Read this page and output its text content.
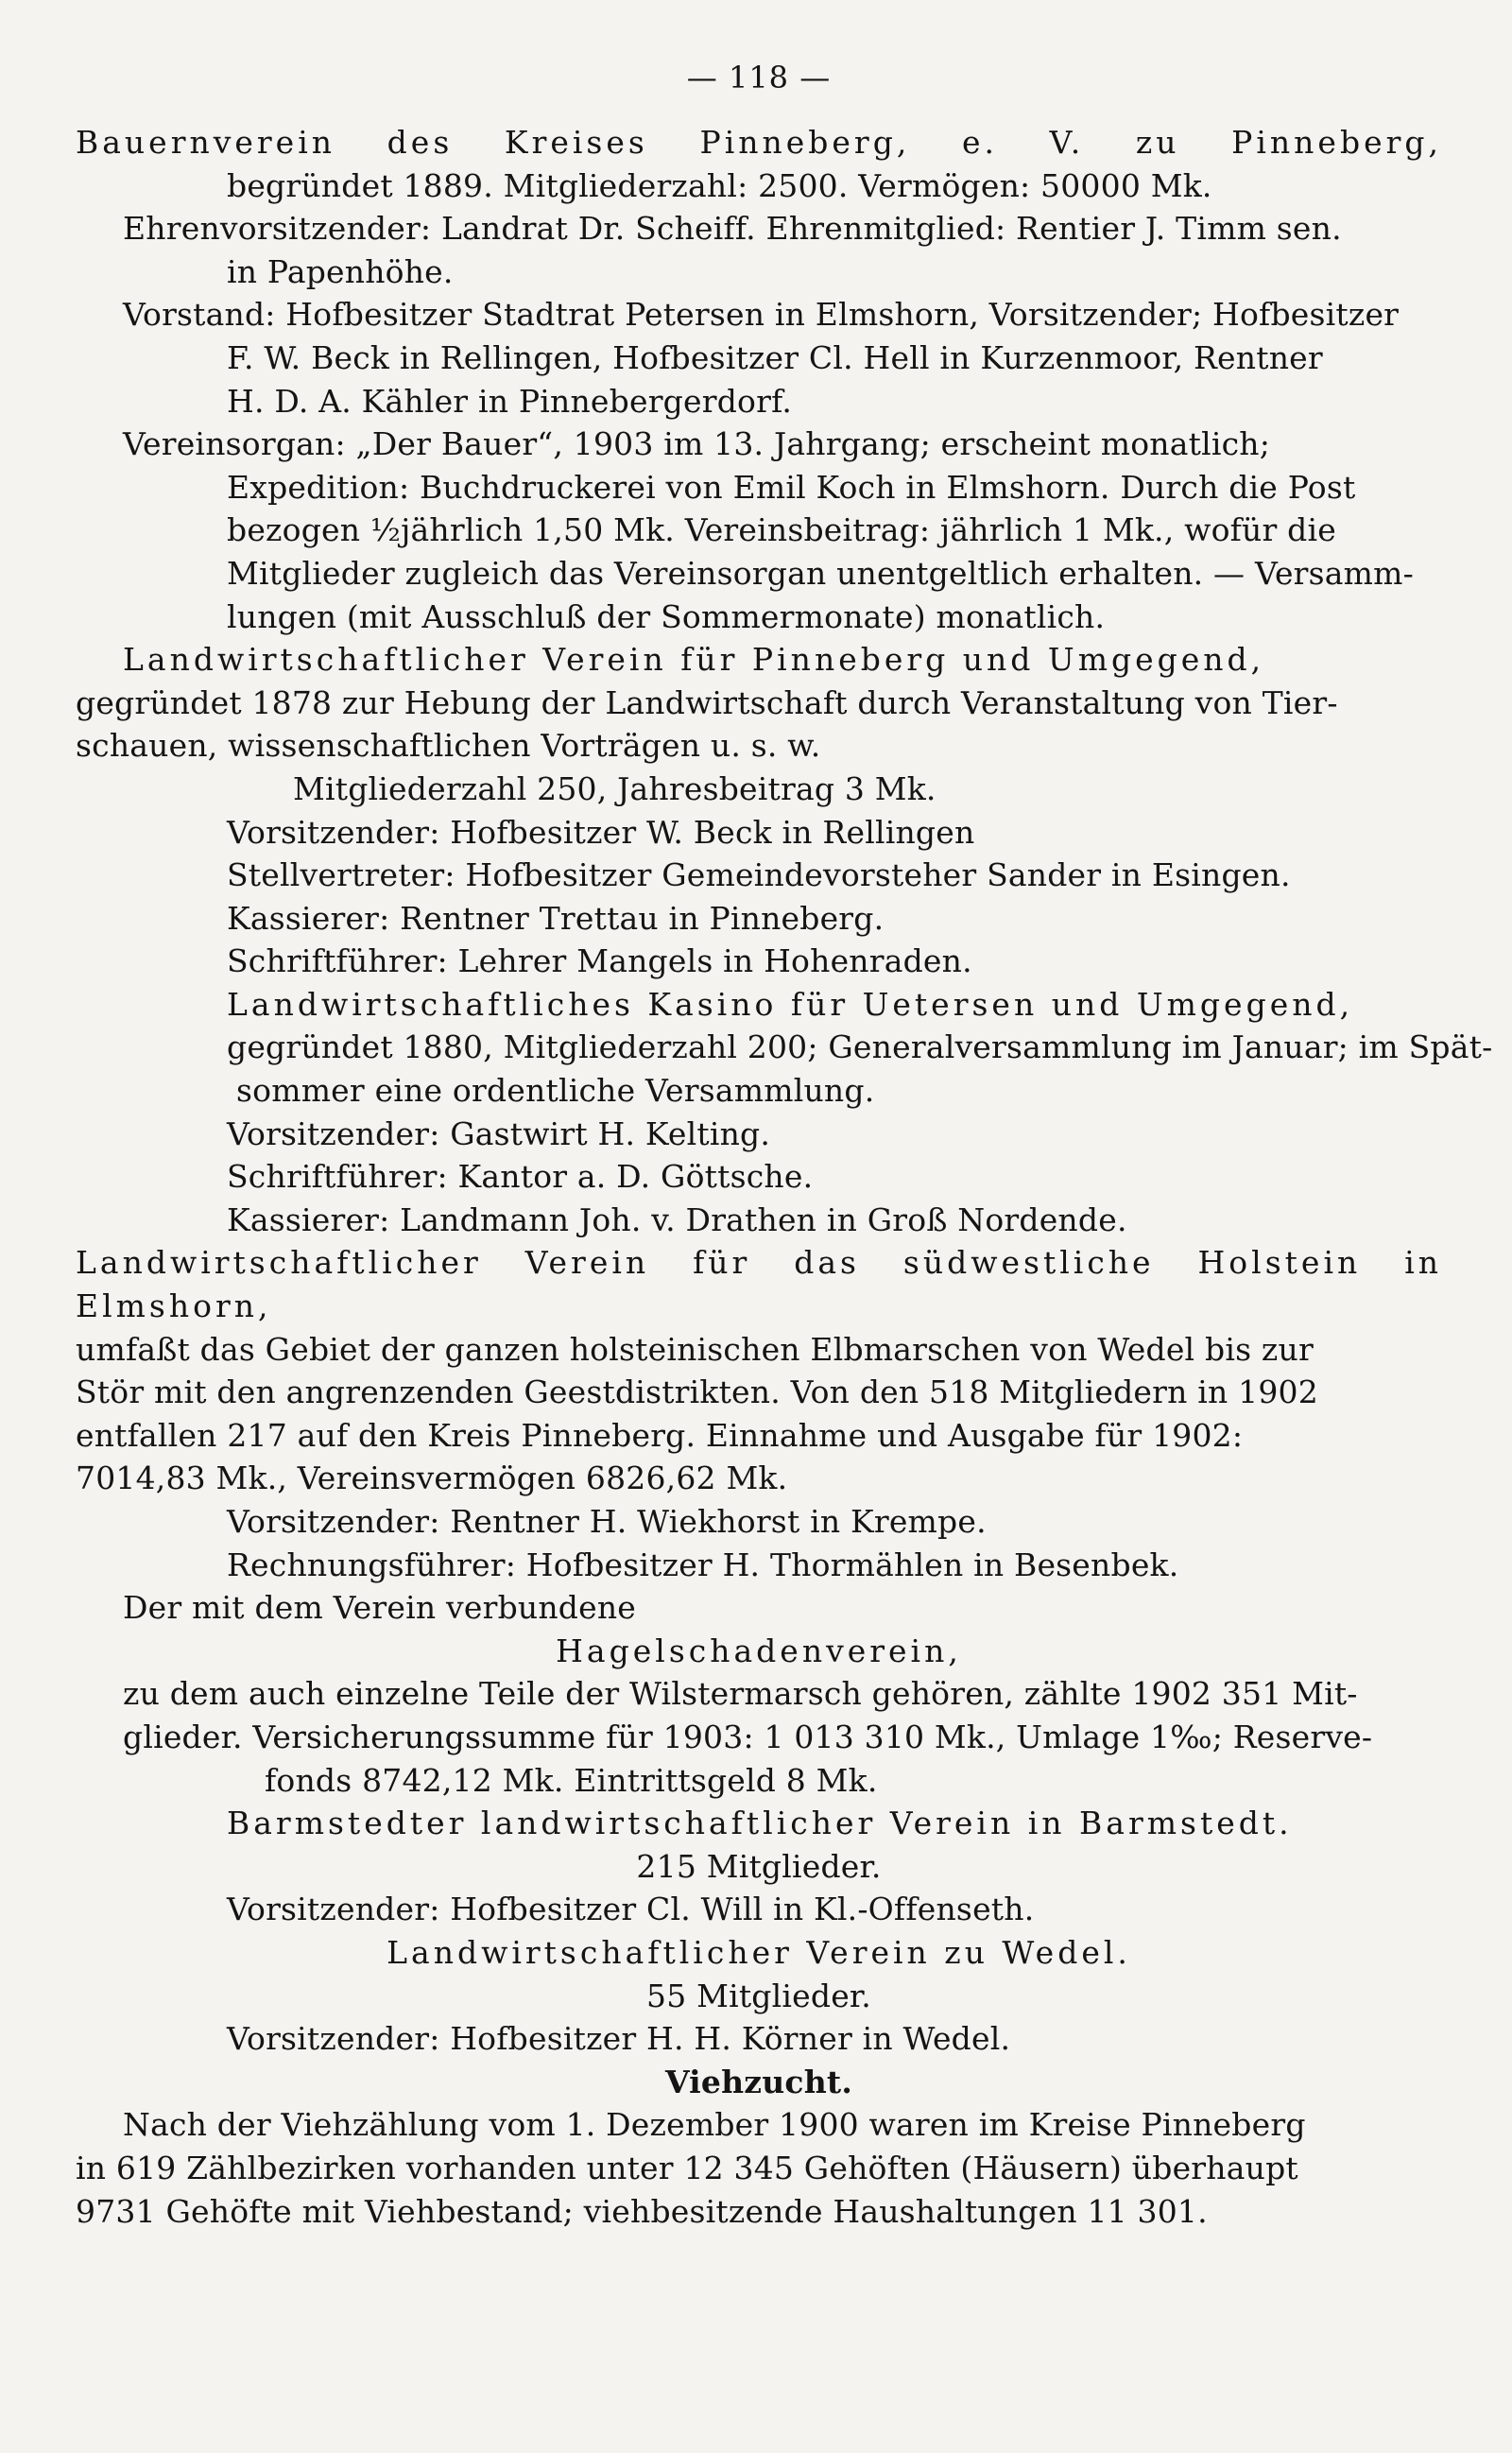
— 118 —
Bauernverein des Kreises Pinneberg, e. V. zu Pinneberg,
begründet 1889. Mitgliederzahl: 2500. Vermögen: 50000 Mk.
Ehrenvorsitzender: Landrat Dr. Scheiff. Ehrenmitglied: Rentier J. Timm sen.
in Papenhöhe.
Vorstand: Hofbesitzer Stadtrat Petersen in Elmshorn, Vorsitzender; Hofbesitzer
F. W. Beck in Rellingen, Hofbesitzer Cl. Hell in Kurzenmoor, Rentner
H. D. A. Kähler in Pinnebergerdorf.
Vereinsorgan: „Der Bauer“, 1903 im 13. Jahrgang; erscheint monatlich;
Expedition: Buchdruckerei von Emil Koch in Elmshorn. Durch die Post
bezogen ½jährlich 1,50 Mk. Vereinsbeitrag: jährlich 1 Mk., wofür die
Mitglieder zugleich das Vereinsorgan unentgeltlich erhalten. — Versamm-
lungen (mit Ausschluß der Sommermonate) monatlich.
Landwirtschaftlicher Verein für Pinneberg und Umgegend,
gegründet 1878 zur Hebung der Landwirtschaft durch Veranstaltung von Tier-
schauen, wissenschaftlichen Vorträgen u. s. w.
Mitgliederzahl 250, Jahresbeitrag 3 Mk.
Vorsitzender: Hofbesitzer W. Beck in Rellingen
Stellvertreter: Hofbesitzer Gemeindevorsteher Sander in Esingen.
Kassierer: Rentner Trettau in Pinneberg.
Schriftführer: Lehrer Mangels in Hohenraden.
Landwirtschaftliches Kasino für Uetersen und Umgegend,
gegründet 1880, Mitgliederzahl 200; Generalversammlung im Januar; im Spät-
sommer eine ordentliche Versammlung.
Vorsitzender: Gastwirt H. Kelting.
Schriftführer: Kantor a. D. Göttsche.
Kassierer: Landmann Joh. v. Drathen in Groß Nordende.
Landwirtschaftlicher Verein für das südwestliche Holstein in Elmshorn,
umfaßt das Gebiet der ganzen holsteinischen Elbmarschen von Wedel bis zur
Stör mit den angrenzenden Geestdistrikten. Von den 518 Mitgliedern in 1902
entfallen 217 auf den Kreis Pinneberg. Einnahme und Ausgabe für 1902:
7014,83 Mk., Vereinsvermögen 6826,62 Mk.
Vorsitzender: Rentner H. Wiekhorst in Krempe.
Rechnungsführer: Hofbesitzer H. Thormählen in Besenbek.
Der mit dem Verein verbundene
Hagelschadenverein,
zu dem auch einzelne Teile der Wilstermarsch gehören, zählte 1902 351 Mit-
glieder. Versicherungssumme für 1903: 1 013 310 Mk., Umlage 1‰; Reserve-
fonds 8742,12 Mk. Eintrittsgeld 8 Mk.
Barmstedter landwirtschaftlicher Verein in Barmstedt.
215 Mitglieder.
Vorsitzender: Hofbesitzer Cl. Will in Kl.-Offenseth.
Landwirtschaftlicher Verein zu Wedel.
55 Mitglieder.
Vorsitzender: Hofbesitzer H. H. Körner in Wedel.
Viehzucht.
Nach der Viehzählung vom 1. Dezember 1900 waren im Kreise Pinneberg
in 619 Zählbezirken vorhanden unter 12 345 Gehöften (Häusern) überhaupt
9731 Gehöfte mit Viehbestand; viehbesitzende Haushaltungen 11 301.
